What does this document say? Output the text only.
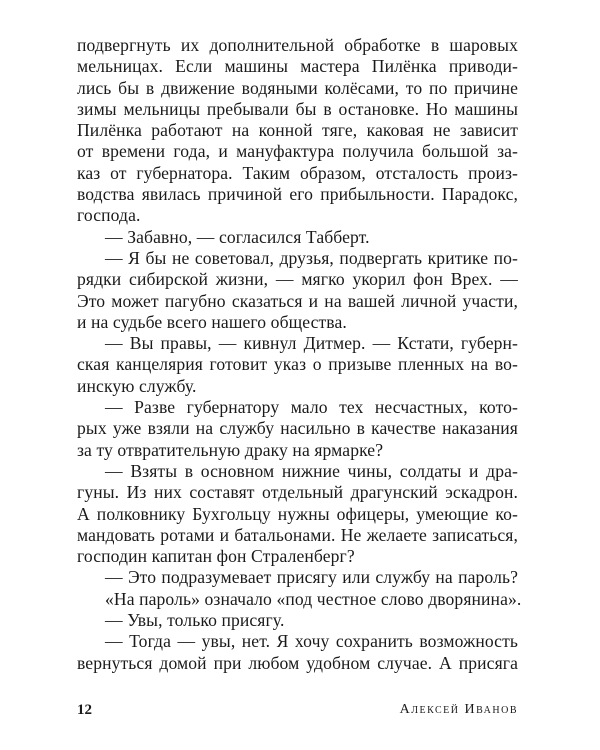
подвергнуть их дополнительной обработке в шаровых
мельницах. Если машины мастера Пилёнка приводи-
лись бы в движение водяными колёсами, то по причине
зимы мельницы пребывали бы в остановке. Но машины
Пилёнка работают на конной тяге, каковая не зависит
от времени года, и мануфактура получила большой за-
каз от губернатора. Таким образом, отсталость произ-
водства явилась причиной его прибыльности. Парадокс,
господа.
— Забавно, — согласился Табберт.
— Я бы не советовал, друзья, подвергать критике по-
рядки сибирской жизни, — мягко укорил фон Врех. —
Это может пагубно сказаться и на вашей личной участи,
и на судьбе всего нашего общества.
— Вы правы, — кивнул Дитмер. — Кстати, губерн-
ская канцелярия готовит указ о призыве пленных на во-
инскую службу.
— Разве губернатору мало тех несчастных, кото-
рых уже взяли на службу насильно в качестве наказания
за ту отвратительную драку на ярмарке?
— Взяты в основном нижние чины, солдаты и дра-
гуны. Из них составят отдельный драгунский эскадрон.
А полковнику Бухгольцу нужны офицеры, умеющие ко-
мандовать ротами и батальонами. Не желаете записаться,
господин капитан фон Страленберг?
— Это подразумевает присягу или службу на пароль?
«На пароль» означало «под честное слово дворянина».
— Увы, только присягу.
— Тогда — увы, нет. Я хочу сохранить возможность
вернуться домой при любом удобном случае. А присяга
12	Алексей Иванов
